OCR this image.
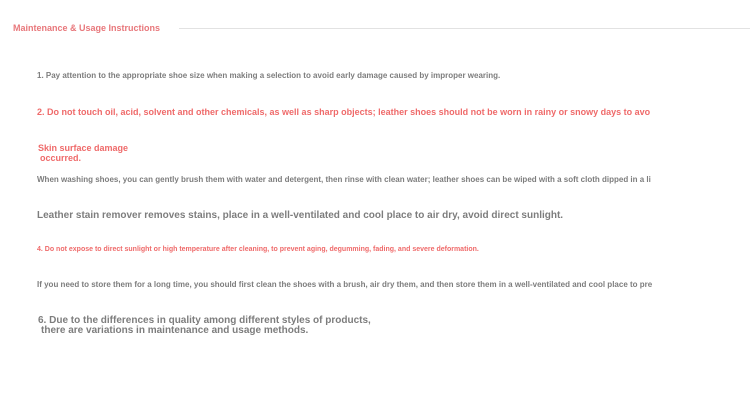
Maintenance & Usage Instructions
1. Pay attention to the appropriate shoe size when making a selection to avoid early damage caused by improper wearing.
2. Do not touch oil, acid, solvent and other chemicals, as well as sharp objects; leather shoes should not be worn in rainy or snowy days to avo
Skin surface damage
occurred.
When washing shoes, you can gently brush them with water and detergent, then rinse with clean water; leather shoes can be wiped with a soft cloth dipped in a li
Leather stain remover removes stains, place in a well-ventilated and cool place to air dry, avoid direct sunlight.
4. Do not expose to direct sunlight or high temperature after cleaning, to prevent aging, degumming, fading, and severe deformation.
If you need to store them for a long time, you should first clean the shoes with a brush, air dry them, and then store them in a well-ventilated and cool place to pre
6. Due to the differences in quality among different styles of products,
there are variations in maintenance and usage methods.
